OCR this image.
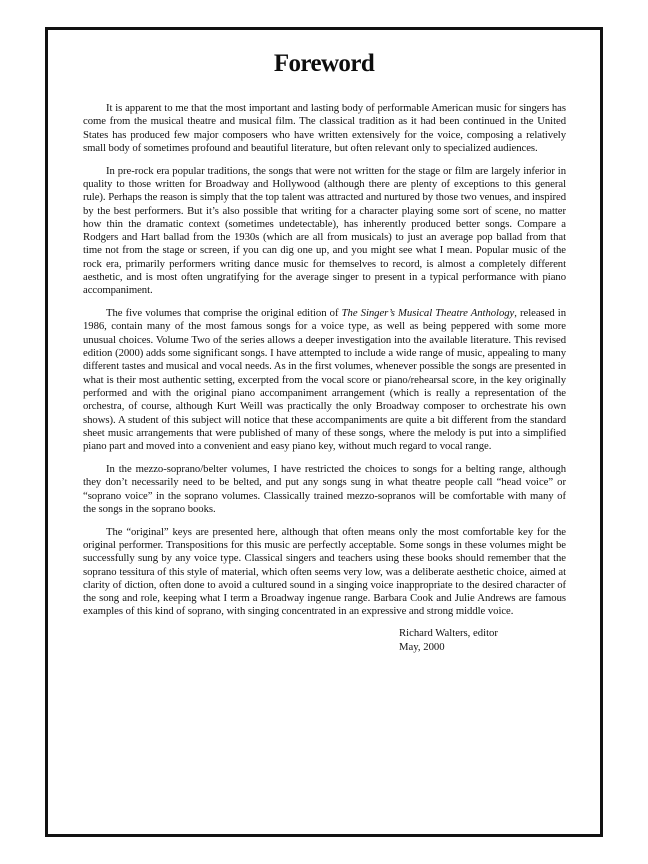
Foreword

It is apparent to me that the most important and lasting body of performable American music for singers has come from the musical theatre and musical film. The classical tradition as it had been continued in the United States has produced few major composers who have written extensively for the voice, composing a relatively small body of sometimes profound and beautiful literature, but often relevant only to specialized audiences.

In pre-rock era popular traditions, the songs that were not written for the stage or film are largely inferior in quality to those written for Broadway and Hollywood (although there are plenty of exceptions to this general rule). Perhaps the reason is simply that the top talent was attracted and nurtured by those two venues, and inspired by the best performers. But it’s also possible that writing for a character playing some sort of scene, no matter how thin the dramatic context (sometimes undetectable), has inherently produced better songs. Compare a Rodgers and Hart ballad from the 1930s (which are all from musicals) to just an average pop ballad from that time not from the stage or screen, if you can dig one up, and you might see what I mean. Popular music of the rock era, primarily performers writing dance music for themselves to record, is almost a completely different aesthetic, and is most often ungratifying for the average singer to present in a typical performance with piano accompaniment.

The five volumes that comprise the original edition of The Singer’s Musical Theatre Anthology, released in 1986, contain many of the most famous songs for a voice type, as well as being peppered with some more unusual choices. Volume Two of the series allows a deeper investigation into the available literature. This revised edition (2000) adds some significant songs. I have attempted to include a wide range of music, appealing to many different tastes and musical and vocal needs. As in the first volumes, whenever possible the songs are presented in what is their most authentic setting, excerpted from the vocal score or piano/rehearsal score, in the key originally performed and with the original piano accompaniment arrangement (which is really a representation of the orchestra, of course, although Kurt Weill was practically the only Broadway composer to orchestrate his own shows). A student of this subject will notice that these accompaniments are quite a bit different from the standard sheet music arrangements that were published of many of these songs, where the melody is put into a simplified piano part and moved into a convenient and easy piano key, without much regard to vocal range.

In the mezzo-soprano/belter volumes, I have restricted the choices to songs for a belting range, although they don’t necessarily need to be belted, and put any songs sung in what theatre people call “head voice” or “soprano voice” in the soprano volumes. Classically trained mezzo-sopranos will be comfortable with many of the songs in the soprano books.

The “original” keys are presented here, although that often means only the most comfortable key for the original performer. Transpositions for this music are perfectly acceptable. Some songs in these volumes might be successfully sung by any voice type. Classical singers and teachers using these books should remember that the soprano tessitura of this style of material, which often seems very low, was a deliberate aesthetic choice, aimed at clarity of diction, often done to avoid a cultured sound in a singing voice inappropriate to the desired character of the song and role, keeping what I term a Broadway ingenue range. Barbara Cook and Julie Andrews are famous examples of this kind of soprano, with singing concentrated in an expressive and strong middle voice.

Richard Walters, editor
May, 2000
